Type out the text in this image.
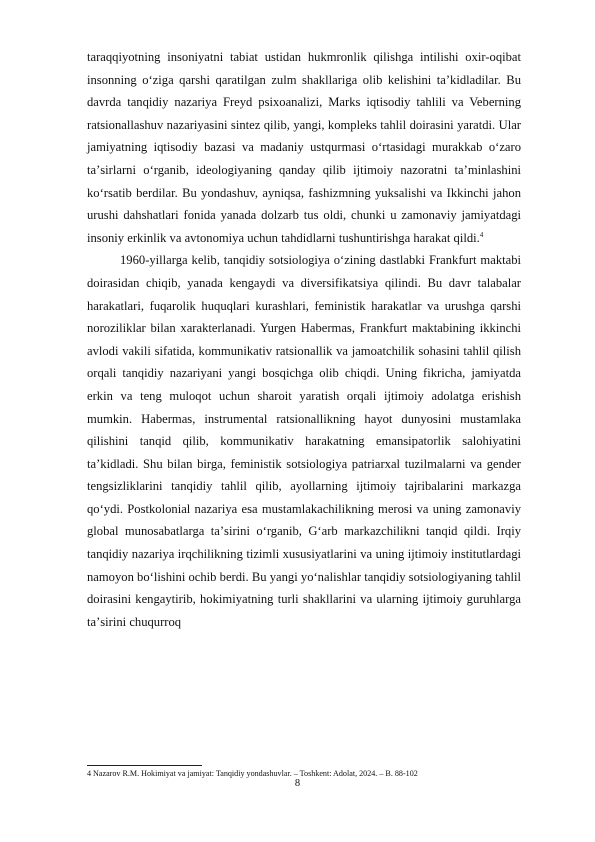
taraqqiyotning insoniyatni tabiat ustidan hukmronlik qilishga intilishi oxir-oqibat insonning oʻziga qarshi qaratilgan zulm shakllariga olib kelishini taʼkidladilar. Bu davrda tanqidiy nazariya Freyd psixoanalizi, Marks iqtisodiy tahlili va Veberning ratsionallashuv nazariyasini sintez qilib, yangi, kompleks tahlil doirasini yaratdi. Ular jamiyatning iqtisodiy bazasi va madaniy ustqurmasi oʻrtasidagi murakkab oʻzaro taʼsirlarni oʻrganib, ideologiyaning qanday qilib ijtimoiy nazoratni taʼminlashini koʻrsatib berdilar. Bu yondashuv, ayniqsa, fashizmning yuksalishi va Ikkinchi jahon urushi dahshatlari fonida yanada dolzarb tus oldi, chunki u zamonaviy jamiyatdagi insoniy erkinlik va avtonomiya uchun tahdidlarni tushuntirishga harakat qildi.$^4$

1960-yillarga kelib, tanqidiy sotsiologiya oʻzining dastlabki Frankfurt maktabi doirasidan chiqib, yanada kengaydi va diversifikatsiya qilindi. Bu davr talabalar harakatlari, fuqarolik huquqlari kurashlari, feministik harakatlar va urushga qarshi noroziliklar bilan xarakterlanadi. Yurgen Habermas, Frankfurt maktabining ikkinchi avlodi vakili sifatida, kommunikativ ratsionallik va jamoatchilik sohasini tahlil qilish orqali tanqidiy nazariyani yangi bosqichga olib chiqdi. Uning fikricha, jamiyatda erkin va teng muloqot uchun sharoit yaratish orqali ijtimoiy adolatga erishish mumkin. Habermas, instrumental ratsionallikning hayot dunyosini mustamlaka qilishini tanqid qilib, kommunikativ harakatning emansipatorlik salohiyatini taʼkidladi. Shu bilan birga, feministik sotsiologiya patriarxal tuzilmalarni va gender tengsizliklarini tanqidiy tahlil qilib, ayollarning ijtimoiy tajribalarini markazga qoʻydi. Postkolonial nazariya esa mustamlakachilikning merosi va uning zamonaviy global munosabatlarga taʼsirini oʻrganib, Gʻarb markazchilikni tanqid qildi. Irqiy tanqidiy nazariya irqchilikning tizimli xususiyatlarini va uning ijtimoiy institutlardagi namoyon boʻlishini ochib berdi. Bu yangi yoʻnalishlar tanqidiy sotsiologiyaning tahlil doirasini kengaytirib, hokimiyatning turli shakllarini va ularning ijtimoiy guruhlarga taʼsirini chuqurroq

4 Nazarov R.M. Hokimiyat va jamiyat: Tanqidiy yondashuvlar. – Toshkent: Adolat, 2024. – B. 88-102
8
